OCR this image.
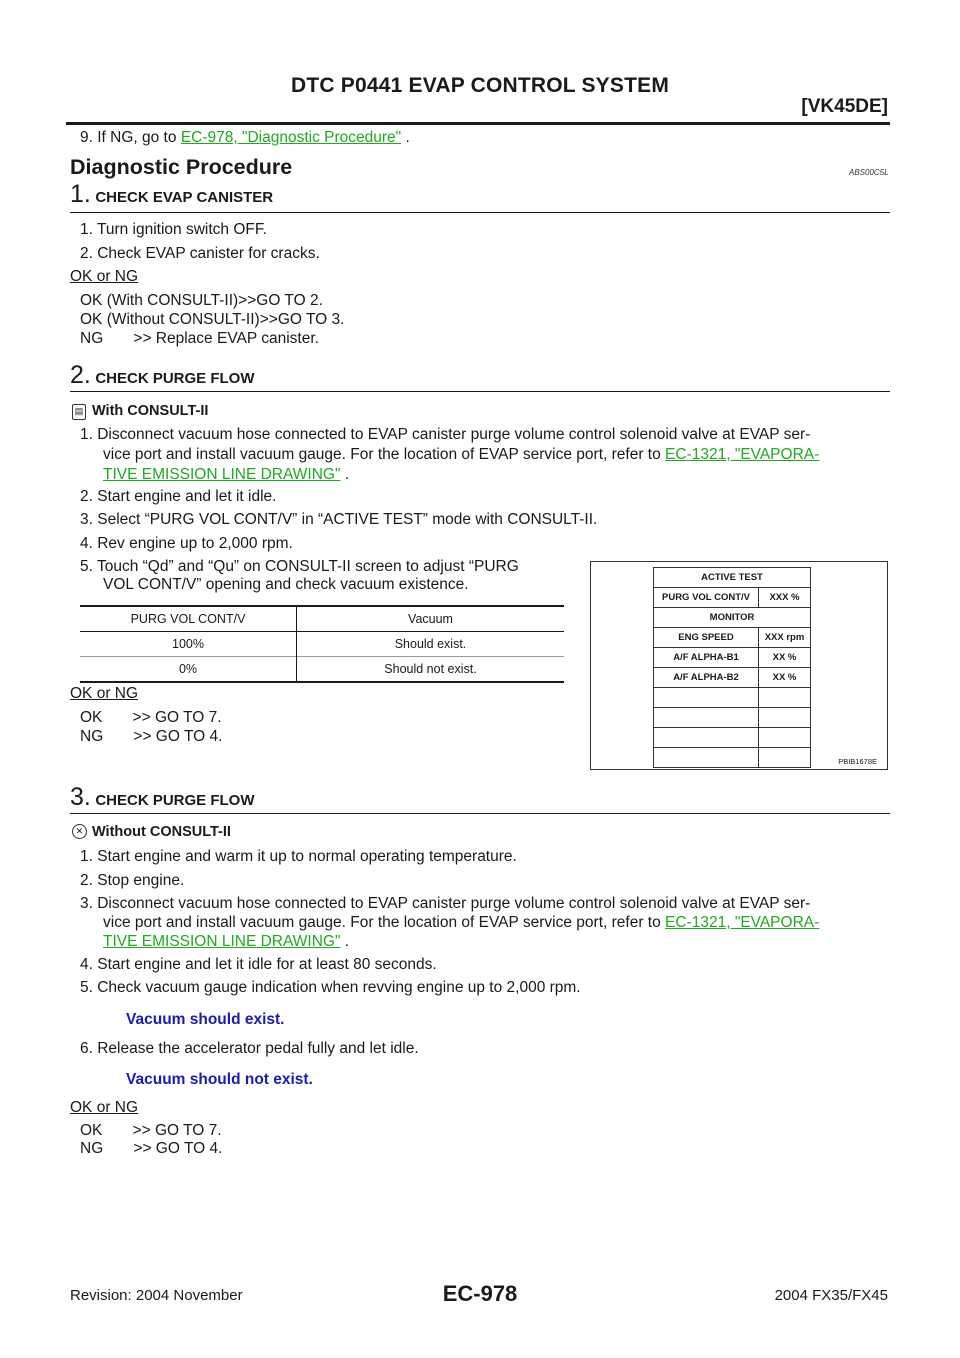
DTC P0441 EVAP CONTROL SYSTEM
[VK45DE]
9. If NG, go to EC-978, "Diagnostic Procedure" .
Diagnostic Procedure	ABS00C5L
1. CHECK EVAP CANISTER
1. Turn ignition switch OFF.
2. Check EVAP canister for cracks.
OK or NG
OK (With CONSULT-II)>>GO TO 2.
OK (Without CONSULT-II)>>GO TO 3.
NG       >> Replace EVAP canister.
2. CHECK PURGE FLOW
▤ With CONSULT-II
1. Disconnect vacuum hose connected to EVAP canister purge volume control solenoid valve at EVAP ser-
vice port and install vacuum gauge. For the location of EVAP service port, refer to EC-1321, "EVAPORA-
TIVE EMISSION LINE DRAWING" .
2. Start engine and let it idle.
3. Select “PURG VOL CONT/V” in “ACTIVE TEST” mode with CONSULT-II.
4. Rev engine up to 2,000 rpm.
5. Touch “Qd” and “Qu” on CONSULT-II screen to adjust “PURG
VOL CONT/V” opening and check vacuum existence.
PURG VOL CONT/V	Vacuum
100%	Should exist.
0%	Should not exist.
OK or NG
OK       >> GO TO 7.
NG       >> GO TO 4.
ACTIVE TEST	
PURG VOL CONT/V	XXX %
MONITOR	
ENG SPEED	XXX rpm
A/F ALPHA-B1	XX %
A/F ALPHA-B2	XX %

PBIB1678E
3. CHECK PURGE FLOW
✕ Without CONSULT-II
1. Start engine and warm it up to normal operating temperature.
2. Stop engine.
3. Disconnect vacuum hose connected to EVAP canister purge volume control solenoid valve at EVAP ser-
vice port and install vacuum gauge. For the location of EVAP service port, refer to EC-1321, "EVAPORA-
TIVE EMISSION LINE DRAWING" .
4. Start engine and let it idle for at least 80 seconds.
5. Check vacuum gauge indication when revving engine up to 2,000 rpm.
Vacuum should exist.
6. Release the accelerator pedal fully and let idle.
Vacuum should not exist.
OK or NG
OK       >> GO TO 7.
NG       >> GO TO 4.
Revision: 2004 November	EC-978	2004 FX35/FX45
